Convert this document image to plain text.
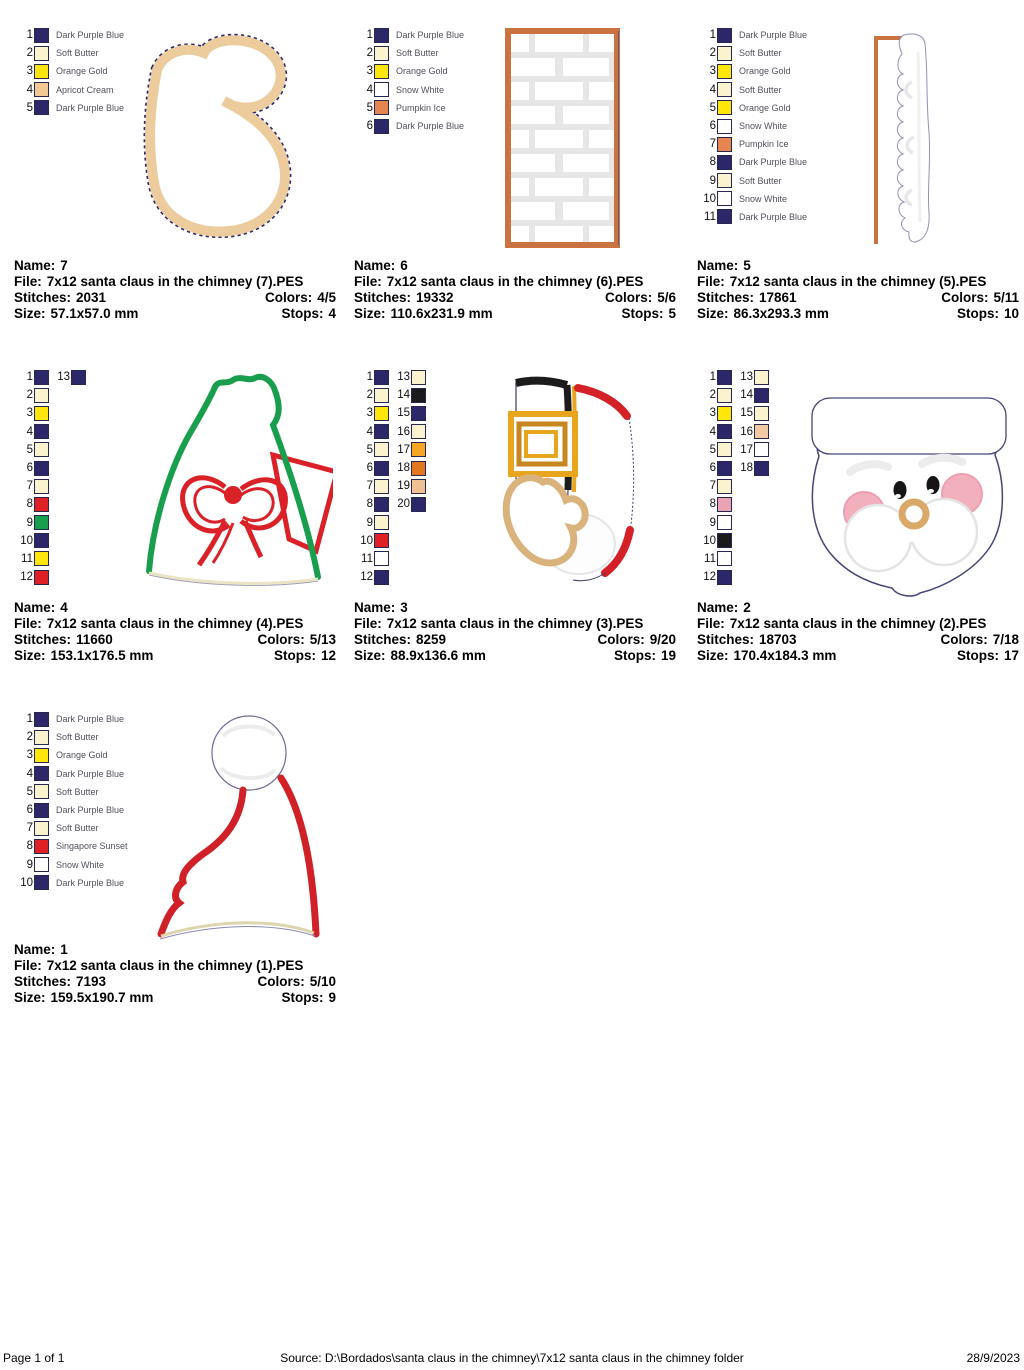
1	Dark Purple Blue
2	Soft Butter
3	Orange Gold
4	Apricot Cream
5	Dark Purple Blue
Name: 7
File: 7x12 santa claus in the chimney (7).PES
Stitches: 2031	Colors: 4/5
Size: 57.1x57.0 mm	Stops: 4
1	Dark Purple Blue
2	Soft Butter
3	Orange Gold
4	Snow White
5	Pumpkin Ice
6	Dark Purple Blue
Name: 6
File: 7x12 santa claus in the chimney (6).PES
Stitches: 19332	Colors: 5/6
Size: 110.6x231.9 mm	Stops: 5
1	Dark Purple Blue
2	Soft Butter
3	Orange Gold
4	Soft Butter
5	Orange Gold
6	Snow White
7	Pumpkin Ice
8	Dark Purple Blue
9	Soft Butter
10	Snow White
11	Dark Purple Blue
Name: 5
File: 7x12 santa claus in the chimney (5).PES
Stitches: 17861	Colors: 5/11
Size: 86.3x293.3 mm	Stops: 10
1	13
2
3
4
5
6
7
8
9
10
11
12
Name: 4
File: 7x12 santa claus in the chimney (4).PES
Stitches: 11660	Colors: 5/13
Size: 153.1x176.5 mm	Stops: 12
1	13
2	14
3	15
4	16
5	17
6	18
7	19
8	20
9
10
11
12
Name: 3
File: 7x12 santa claus in the chimney (3).PES
Stitches: 8259	Colors: 9/20
Size: 88.9x136.6 mm	Stops: 19
1	13
2	14
3	15
4	16
5	17
6	18
7
8
9
10
11
12
Name: 2
File: 7x12 santa claus in the chimney (2).PES
Stitches: 18703	Colors: 7/18
Size: 170.4x184.3 mm	Stops: 17
1	Dark Purple Blue
2	Soft Butter
3	Orange Gold
4	Dark Purple Blue
5	Soft Butter
6	Dark Purple Blue
7	Soft Butter
8	Singapore Sunset
9	Snow White
10	Dark Purple Blue
Name: 1
File: 7x12 santa claus in the chimney (1).PES
Stitches: 7193	Colors: 5/10
Size: 159.5x190.7 mm	Stops: 9
Page 1 of 1	Source: D:\Bordados\santa claus in the chimney\7x12 santa claus in the chimney folder	28/9/2023
